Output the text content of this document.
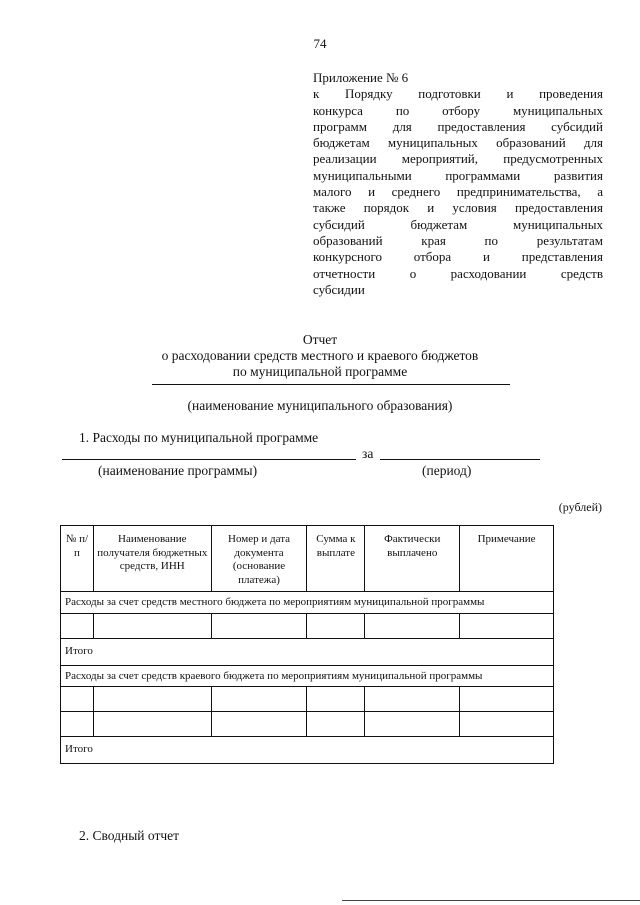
74
Приложение № 6
к Порядку подготовки и проведения
конкурса	по	отбору	муниципальных
программ для предоставления субсидий
бюджетам муниципальных образований для
реализации мероприятий, предусмотренных
муниципальными	программами	развития
малого и среднего предпринимательства, а
также порядок и условия предоставления
субсидий	бюджетам	муниципальных
образований	края	по	результатам
конкурсного отбора и представления
отчетности	о	расходовании	средств
субсидии
Отчет
о расходовании средств местного и краевого бюджетов
по муниципальной программе
(наименование муниципального образования)
1. Расходы по муниципальной программе
за
(наименование программы)	(период)
(рублей)
№ п/п	Наименование получателя бюджетных средств, ИНН	Номер и дата документа (основание платежа)	Сумма к выплате	Фактически выплачено	Примечание
Расходы за счет средств местного бюджета по мероприятиям муниципальной программы					

Итого					
Расходы за счет средств краевого бюджета по мероприятиям муниципальной программы					

Итого					
2. Сводный отчет
